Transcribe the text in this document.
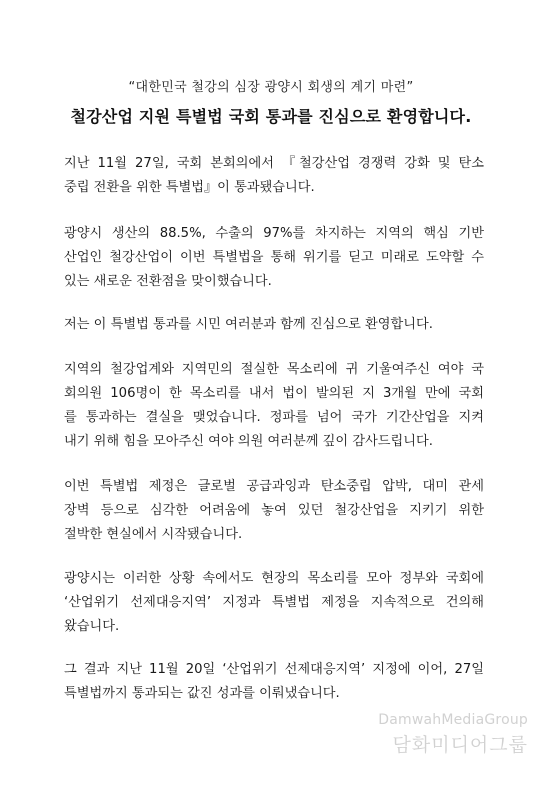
“대한민국 철강의 심장 광양시 회생의 계기 마련”
철강산업 지원 특별법 국회 통과를 진심으로 환영합니다.
지난 11월 27일, 국회 본회의에서 『철강산업 경쟁력 강화 및 탄소
중립 전환을 위한 특별법』이 통과됐습니다.
광양시 생산의 88.5%, 수출의 97%를 차지하는 지역의 핵심 기반
산업인 철강산업이 이번 특별법을 통해 위기를 딛고 미래로 도약할 수
있는 새로운 전환점을 맞이했습니다.
저는 이 특별법 통과를 시민 여러분과 함께 진심으로 환영합니다.
지역의 철강업계와 지역민의 절실한 목소리에 귀 기울여주신 여야 국
회의원 106명이 한 목소리를 내서 법이 발의된 지 3개월 만에 국회
를 통과하는 결실을 맺었습니다. 정파를 넘어 국가 기간산업을 지켜
내기 위해 힘을 모아주신 여야 의원 여러분께 깊이 감사드립니다.
이번 특별법 제정은 글로벌 공급과잉과 탄소중립 압박, 대미 관세
장벽 등으로 심각한 어려움에 놓여 있던 철강산업을 지키기 위한
절박한 현실에서 시작됐습니다.
광양시는 이러한 상황 속에서도 현장의 목소리를 모아 정부와 국회에
‘산업위기 선제대응지역’ 지정과 특별법 제정을 지속적으로 건의해
왔습니다.
그 결과 지난 11월 20일 ‘산업위기 선제대응지역’ 지정에 이어, 27일
특별법까지 통과되는 값진 성과를 이뤄냈습니다.
DamwahMediaGroup
담화미디어그룹
